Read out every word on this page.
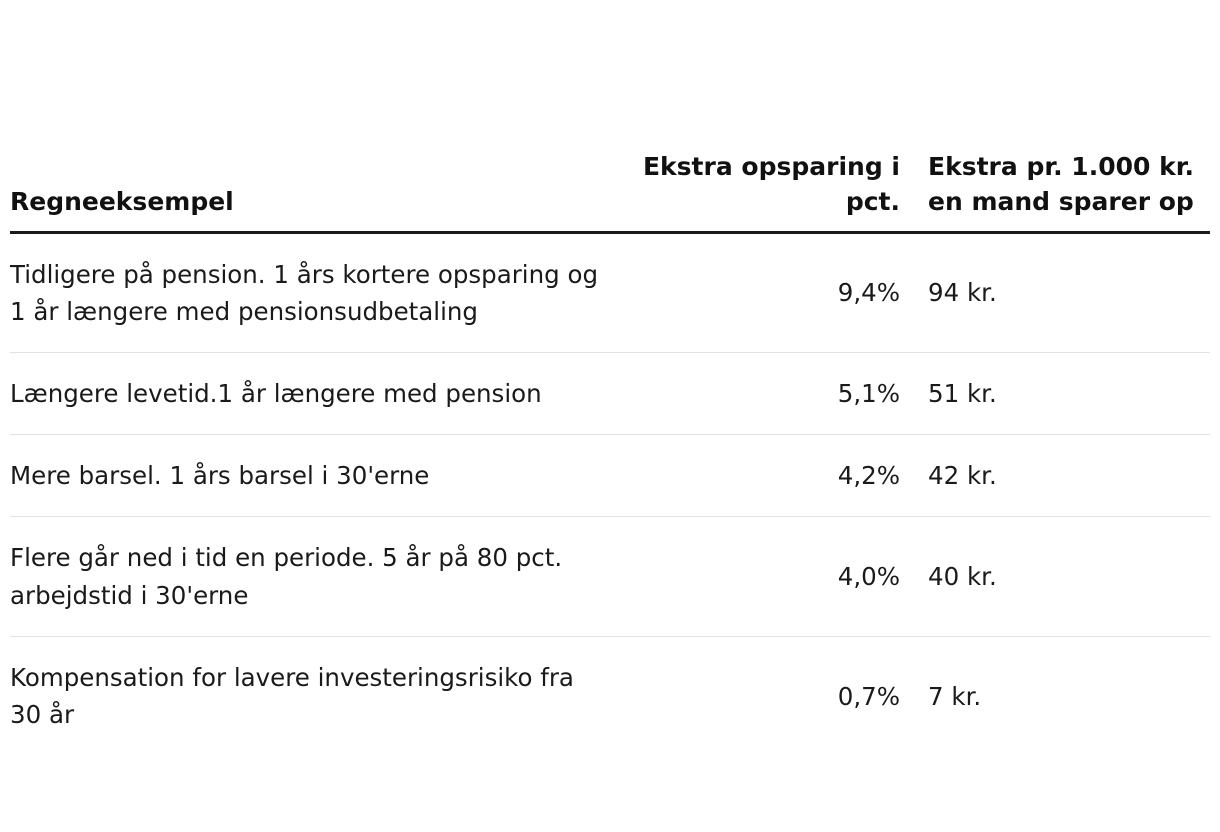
Regneeksempel	Ekstra opsparing i pct.	Ekstra pr. 1.000 kr. en mand sparer op
Tidligere på pension. 1 års kortere opsparing og 1 år længere med pensionsudbetaling	9,4%	94 kr.
Længere levetid.1 år længere med pension	5,1%	51 kr.
Mere barsel. 1 års barsel i 30'erne	4,2%	42 kr.
Flere går ned i tid en periode. 5 år på 80 pct. arbejdstid i 30'erne	4,0%	40 kr.
Kompensation for lavere investeringsrisiko fra 30 år	0,7%	7 kr.
